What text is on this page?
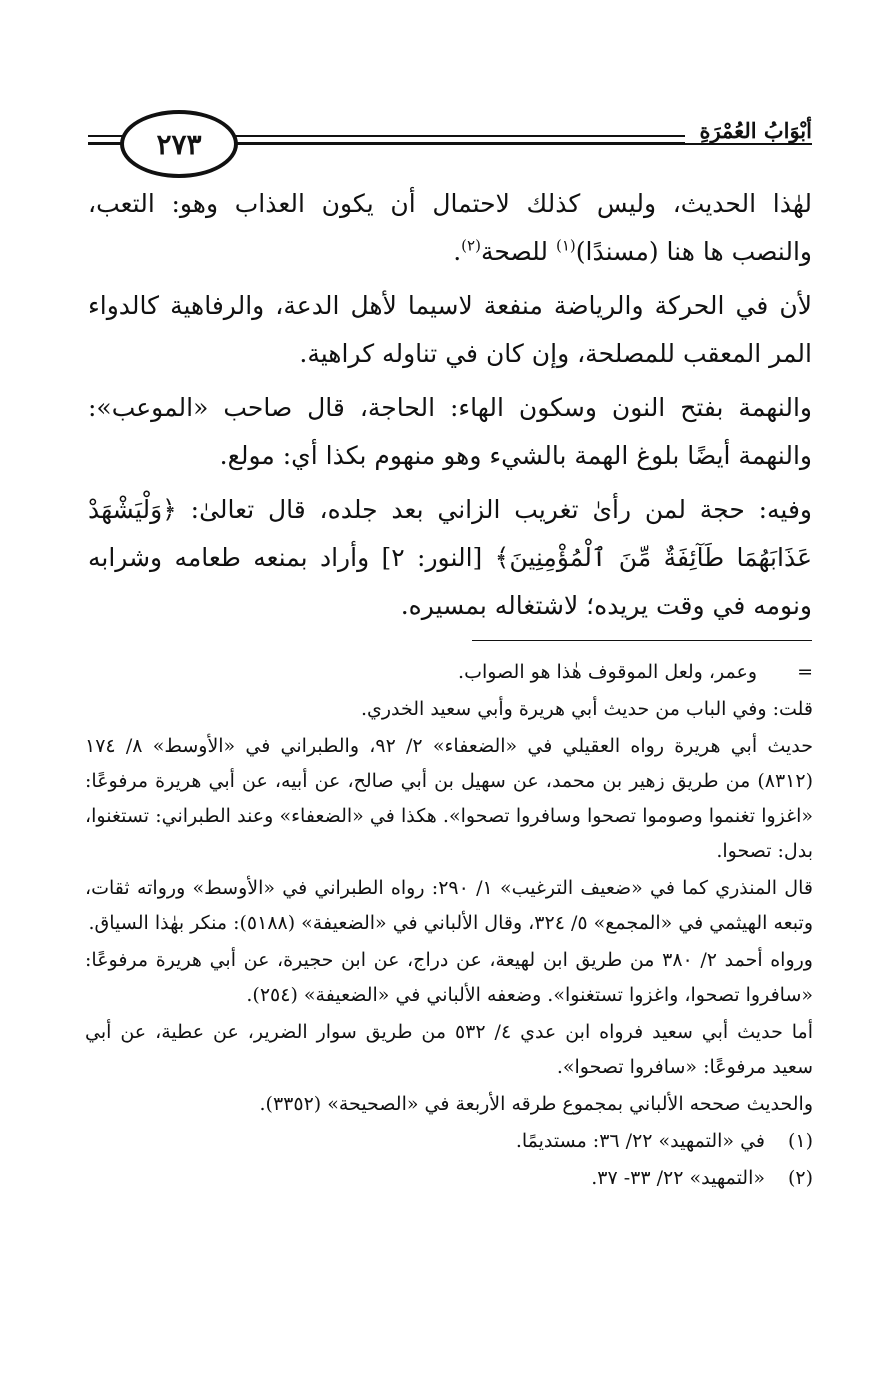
٢٧٣	أبْوَابُ العُمْرَةِ

لهٰذا الحديث، وليس كذلك لاحتمال أن يكون العذاب وهو: التعب، والنصب ها هنا (مسندًا)$^{(١)}$ للصحة$^{(٢)}$.

لأن في الحركة والرياضة منفعة لاسيما لأهل الدعة، والرفاهية كالدواء المر المعقب للمصلحة، وإن كان في تناوله كراهية.

والنهمة بفتح النون وسكون الهاء: الحاجة، قال صاحب «الموعب»: والنهمة أيضًا بلوغ الهمة بالشيء وهو منهوم بكذا أي: مولع.

وفيه: حجة لمن رأىٰ تغريب الزاني بعد جلده، قال تعالىٰ: ﴿وَلْيَشْهَدْ عَذَابَهُمَا طَآئِفَةٌ مِّنَ ٱلْمُؤْمِنِينَ﴾ [النور: ٢] وأراد بمنعه طعامه وشرابه ونومه في وقت يريده؛ لاشتغاله بمسيره.

=
وعمر، ولعل الموقوف هٰذا هو الصواب.

قلت: وفي الباب من حديث أبي هريرة وأبي سعيد الخدري.

حديث أبي هريرة رواه العقيلي في «الضعفاء» ٢/ ٩٢، والطبراني في «الأوسط» ٨/ ١٧٤ (٨٣١٢) من طريق زهير بن محمد، عن سهيل بن أبي صالح، عن أبيه، عن أبي هريرة مرفوعًا: «اغزوا تغنموا وصوموا تصحوا وسافروا تصحوا». هكذا في «الضعفاء» وعند الطبراني: تستغنوا، بدل: تصحوا.

قال المنذري كما في «ضعيف الترغيب» ١/ ٢٩٠: رواه الطبراني في «الأوسط» ورواته ثقات، وتبعه الهيثمي في «المجمع» ٥/ ٣٢٤، وقال الألباني في «الضعيفة» (٥١٨٨): منكر بهٰذا السياق.

ورواه أحمد ٢/ ٣٨٠ من طريق ابن لهيعة، عن دراج، عن ابن حجيرة، عن أبي هريرة مرفوعًا: «سافروا تصحوا، واغزوا تستغنوا». وضعفه الألباني في «الضعيفة» (٢٥٤).

أما حديث أبي سعيد فرواه ابن عدي ٤/ ٥٣٢ من طريق سوار الضرير، عن عطية، عن أبي سعيد مرفوعًا: «سافروا تصحوا».

والحديث صححه الألباني بمجموع طرقه الأربعة في «الصحيحة» (٣٣٥٢).

(١)في «التمهيد» ٢٢/ ٣٦: مستديمًا.

(٢)«التمهيد» ٢٢/ ٣٣- ٣٧.
